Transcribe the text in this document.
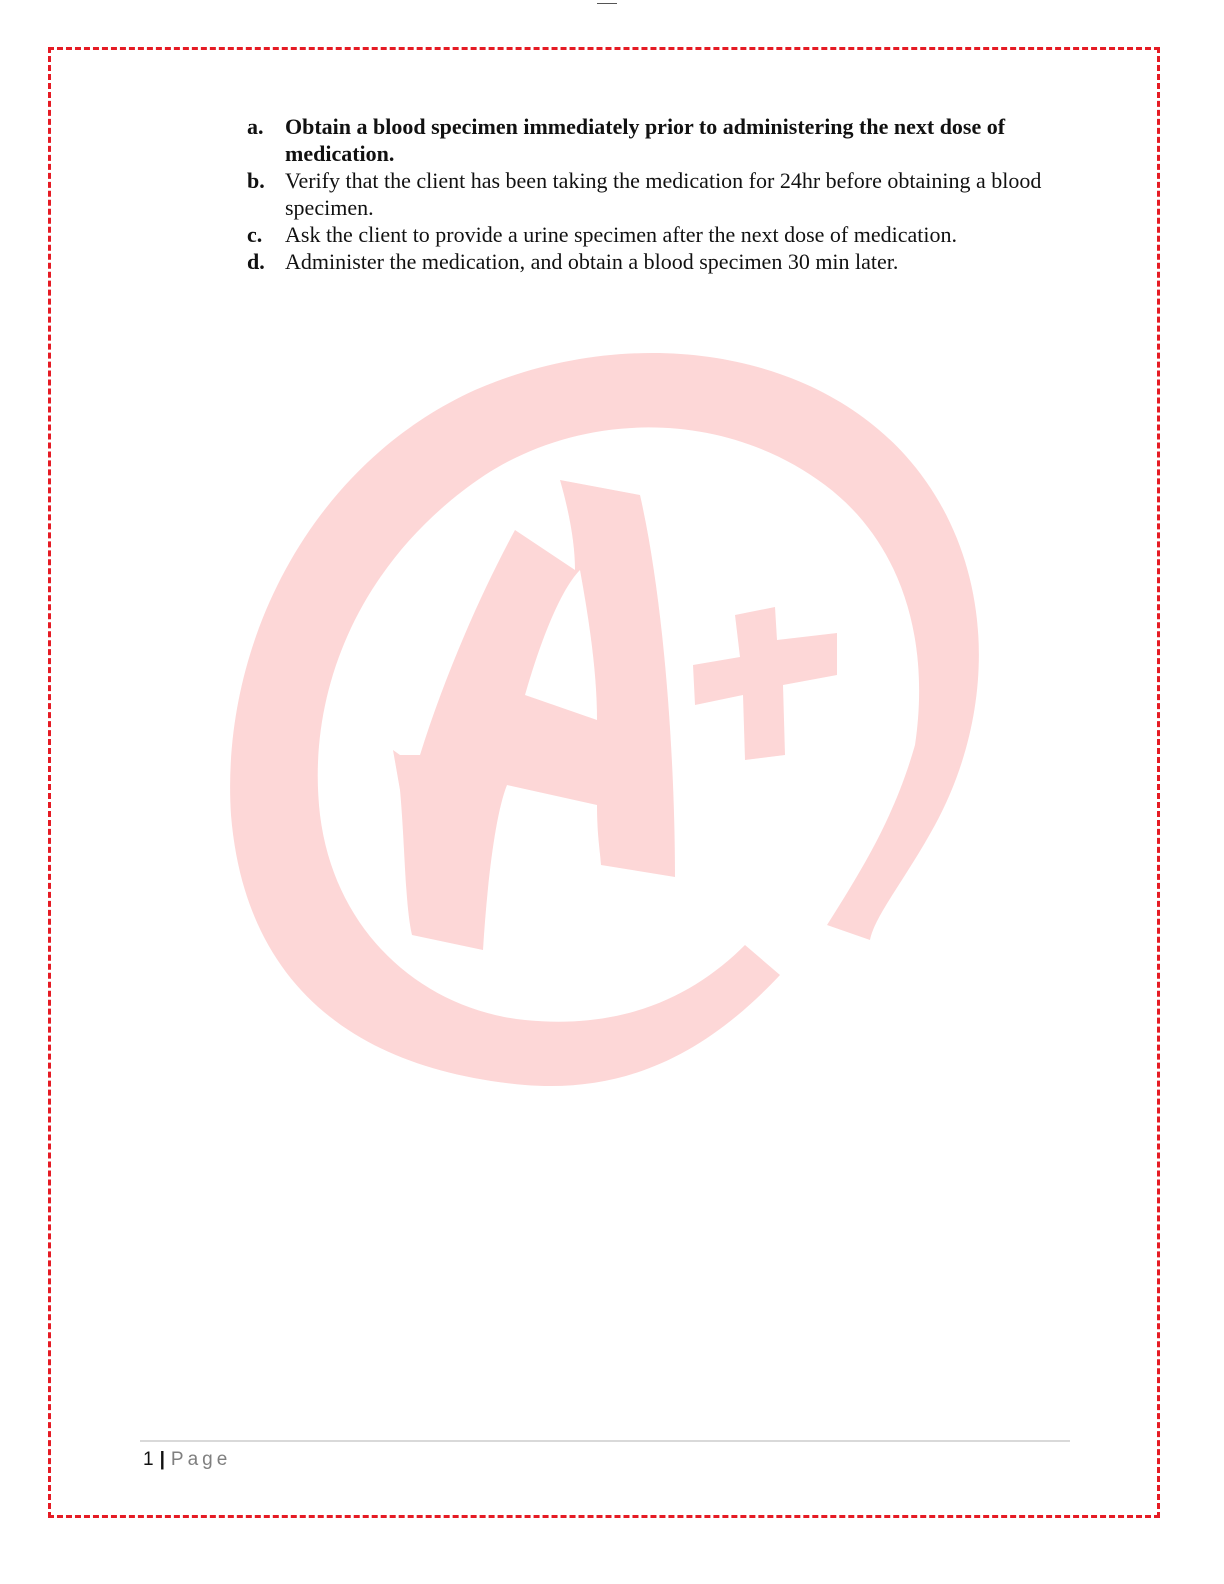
a. Obtain a blood specimen immediately prior to administering the next dose of medication.
b. Verify that the client has been taking the medication for 24hr before obtaining a blood specimen.
c.	Ask the client to provide a urine specimen after the next dose of medication.
d. Administer the medication, and obtain a blood specimen 30 min later.
1 | Page
